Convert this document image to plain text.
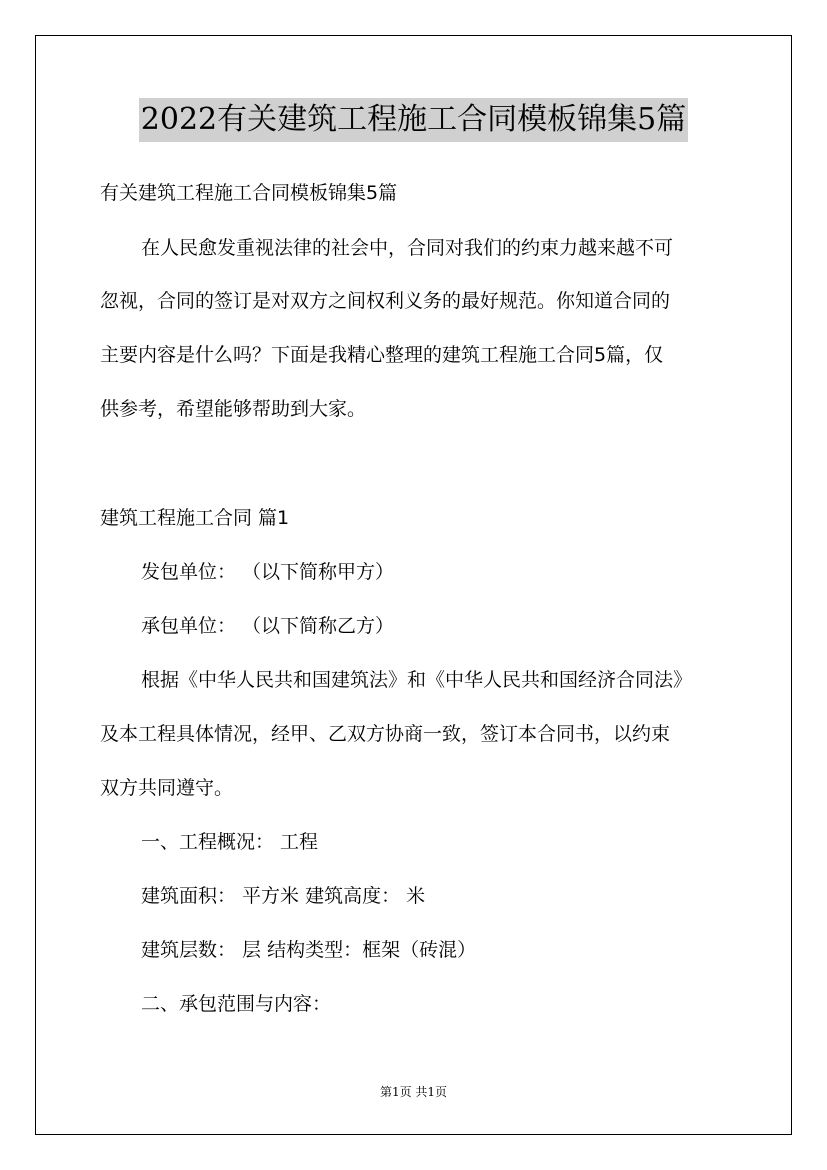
2022有关建筑工程施工合同模板锦集5篇
有关建筑工程施工合同模板锦集5篇
在人民愈发重视法律的社会中，合同对我们的约束力越来越不可
忽视，合同的签订是对双方之间权利义务的最好规范。你知道合同的
主要内容是什么吗？下面是我精心整理的建筑工程施工合同5篇，仅
供参考，希望能够帮助到大家。
建筑工程施工合同 篇1
发包单位： （以下简称甲方）
承包单位： （以下简称乙方）
根据《中华人民共和国建筑法》和《中华人民共和国经济合同法》
及本工程具体情况，经甲、乙双方协商一致，签订本合同书，以约束
双方共同遵守。
一、工程概况： 工程
建筑面积： 平方米 建筑高度： 米
建筑层数： 层 结构类型：框架（砖混）
二、承包范围与内容：
第1页 共1页
